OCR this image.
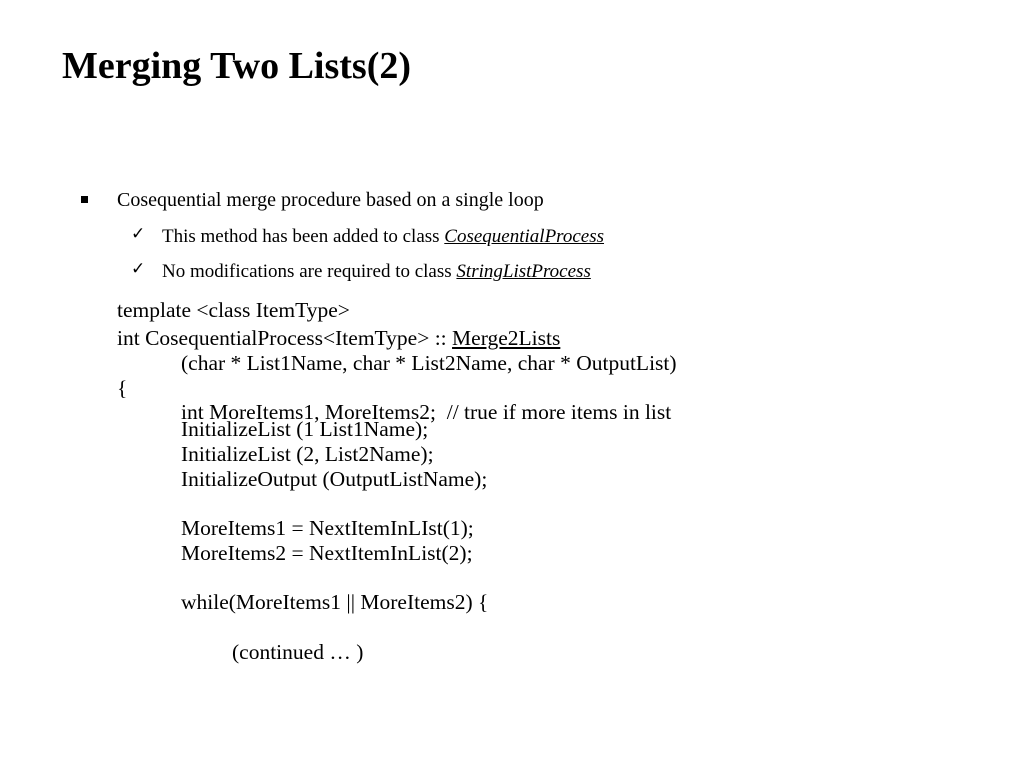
Merging Two Lists(2)
Cosequential merge procedure based on a single loop
✓ This method has been added to class CosequentialProcess
✓ No modifications are required to class StringListProcess
template <class ItemType>
int CosequentialProcess<ItemType> :: Merge2Lists
(char * List1Name, char * List2Name, char * OutputList)
{
int MoreItems1, MoreItems2;  // true if more items in list
InitializeList (1 List1Name);
InitializeList (2, List2Name);
InitializeOutput (OutputListName);
MoreItems1 = NextItemInLIst(1);
MoreItems2 = NextItemInList(2);
while(MoreItems1 || MoreItems2) {
(continued … )
